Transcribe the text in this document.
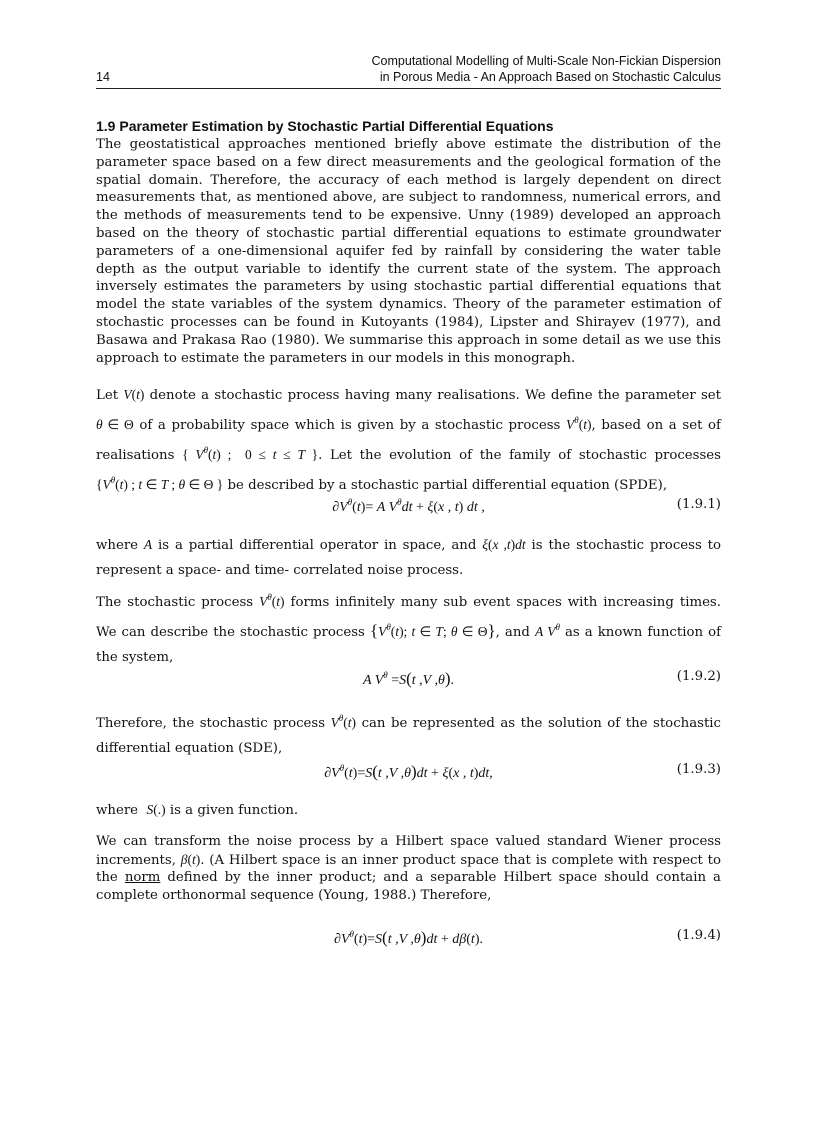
14
Computational Modelling of Multi-Scale Non-Fickian Dispersion
in Porous Media - An Approach Based on Stochastic Calculus
1.9 Parameter Estimation by Stochastic Partial Differential Equations

The geostatistical approaches mentioned briefly above estimate the distribution of the parameter space based on a few direct measurements and the geological formation of the spatial domain. Therefore, the accuracy of each method is largely dependent on direct measurements that, as mentioned above, are subject to randomness, numerical errors, and the methods of measurements tend to be expensive. Unny (1989) developed an approach based on the theory of stochastic partial differential equations to estimate groundwater parameters of a one-dimensional aquifer fed by rainfall by considering the water table depth as the output variable to identify the current state of the system. The approach inversely estimates the parameters by using stochastic partial differential equations that model the state variables of the system dynamics. Theory of the parameter estimation of stochastic processes can be found in Kutoyants (1984), Lipster and Shirayev (1977), and Basawa and Prakasa Rao (1980). We summarise this approach in some detail as we use this approach to estimate the parameters in our models in this monograph.

Let V(t) denote a stochastic process having many realisations. We define the parameter set θ ∈ Θ of a probability space which is given by a stochastic process $V^\theta(t)$, based on a set of realisations { $V^\theta(t)$ ; 0 ≤ t ≤ T }. Let the evolution of the family of stochastic processes {$V^\theta(t)$ ; t ∈ T ; θ ∈ Θ } be described by a stochastic partial differential equation (SPDE),

$\partial V^\theta(t)= A$ $V^\theta dt + \xi(x$ , t) dt ,	(1.9.1)

where A is a partial differential operator in space, and ξ(x ,t)dt is the stochastic process to represent a space- and time- correlated noise process.

The stochastic process $V^\theta(t)$ forms infinitely many sub event spaces with increasing times. We can describe the stochastic process {$V^\theta(t)$; t ∈ T; θ ∈ Θ}, and A $V^\theta$ as a known function of the system,

A $V^\theta =S(t$ ,V ,θ).	(1.9.2)

Therefore, the stochastic process $V^\theta(t)$ can be represented as the solution of the stochastic differential equation (SDE),

$\partial V^\theta(t)=S(t$ ,V ,θ)dt + ξ(x , t)dt,	(1.9.3)

where S(.) is a given function.

We can transform the noise process by a Hilbert space valued standard Wiener process increments, β(t). (A Hilbert space is an inner product space that is complete with respect to the norm defined by the inner product; and a separable Hilbert space should contain a complete orthonormal sequence (Young, 1988.) Therefore,

$\partial V^\theta(t)=S(t$ ,V ,θ)dt + dβ(t).	(1.9.4)
